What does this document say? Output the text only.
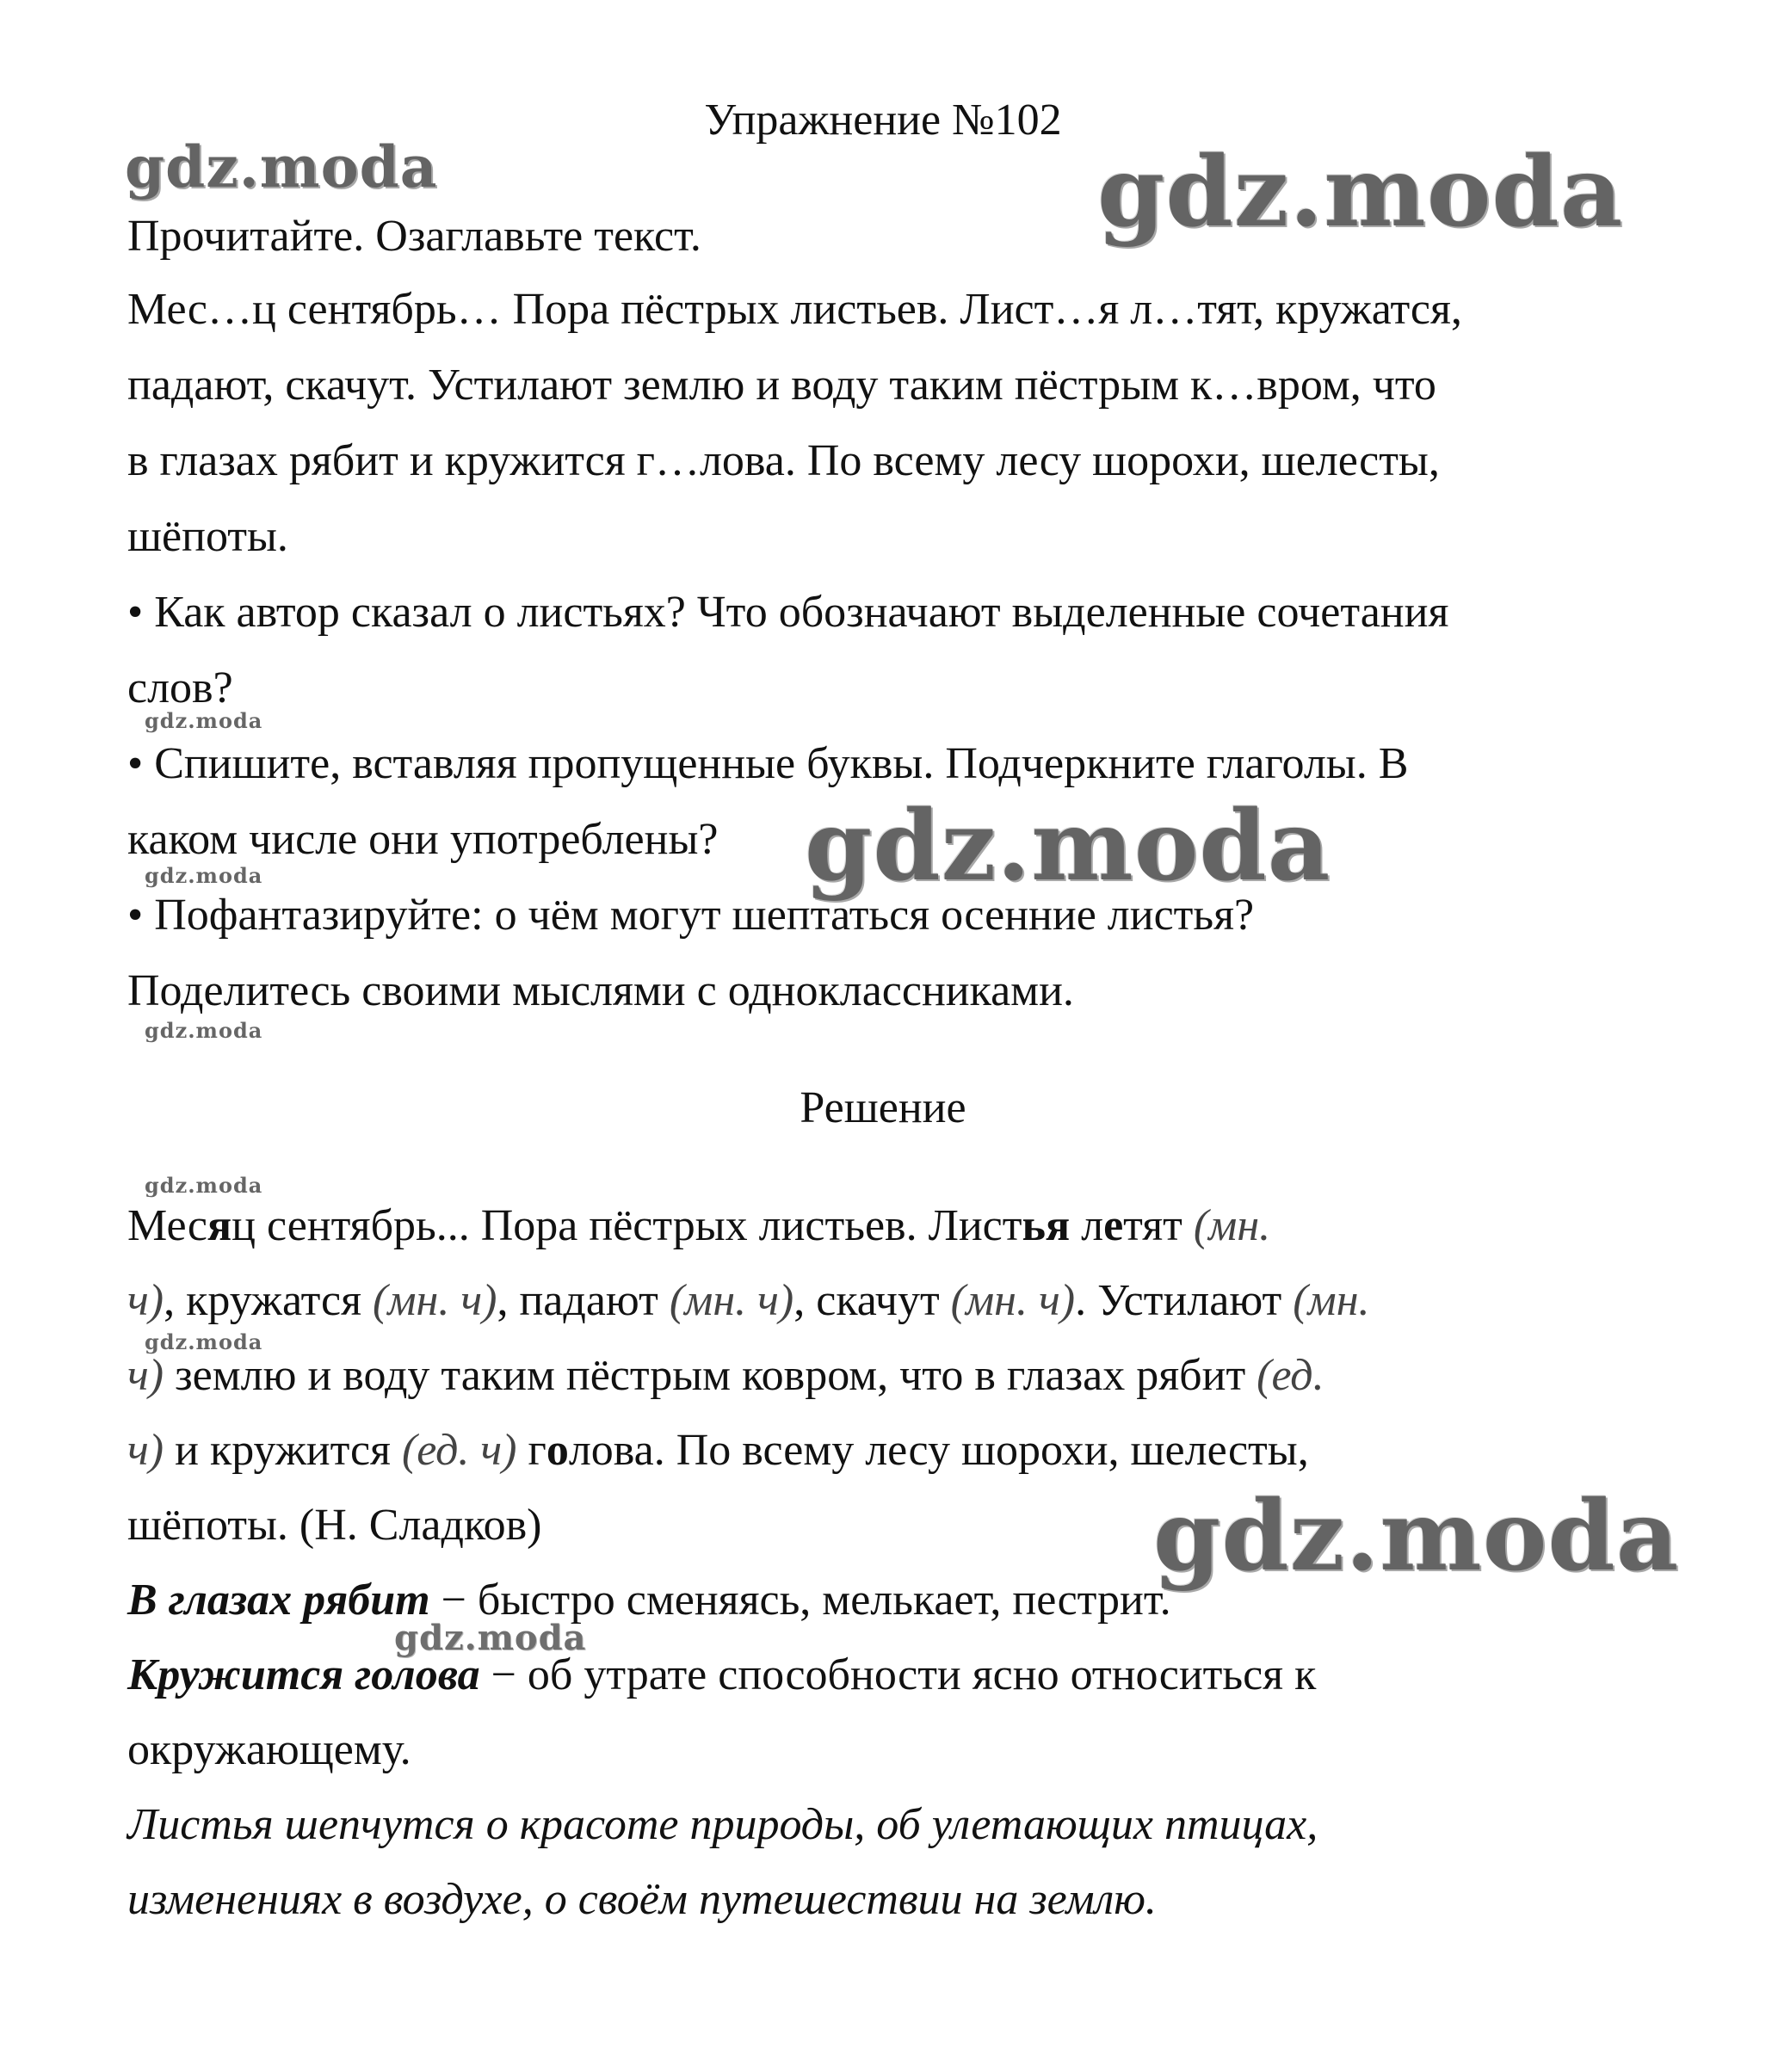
Упражнение №102
Прочитайте. Озаглавьте текст.
Мес…ц сентябрь… Пора пёстрых листьев. Лист…я л…тят, кружатся,
падают, скачут. Устилают землю и воду таким пёстрым к…вром, что
в глазах рябит и кружится г…лова. По всему лесу шорохи, шелесты,
шёпоты.
• Как автор сказал о листьях? Что обозначают выделенные сочетания
слов?
• Спишите, вставляя пропущенные буквы. Подчеркните глаголы. В
каком числе они употреблены?
• Пофантазируйте: о чём могут шептаться осенние листья?
Поделитесь своими мыслями с одноклассниками.
Решение
Месяц сентябрь... Пора пёстрых листьев. Листья летят (мн.
ч), кружатся (мн. ч), падают (мн. ч), скачут (мн. ч). Устилают (мн.
ч) землю и воду таким пёстрым ковром, что в глазах рябит (ед.
ч) и кружится (ед. ч) голова. По всему лесу шорохи, шелесты,
шёпоты. (Н. Сладков)
В глазах рябит − быстро сменяясь, мелькает, пестрит.
Кружится голова − об утрате способности ясно относиться к
окружающему.
Листья шепчутся о красоте природы, об улетающих птицах,
изменениях в воздухе, о своём путешествии на землю.
gdz.moda	gdz.moda
gdz.moda
gdz.moda
gdz.moda
gdz.moda
gdz.moda
gdz.moda
gdz.moda
gdz.moda
